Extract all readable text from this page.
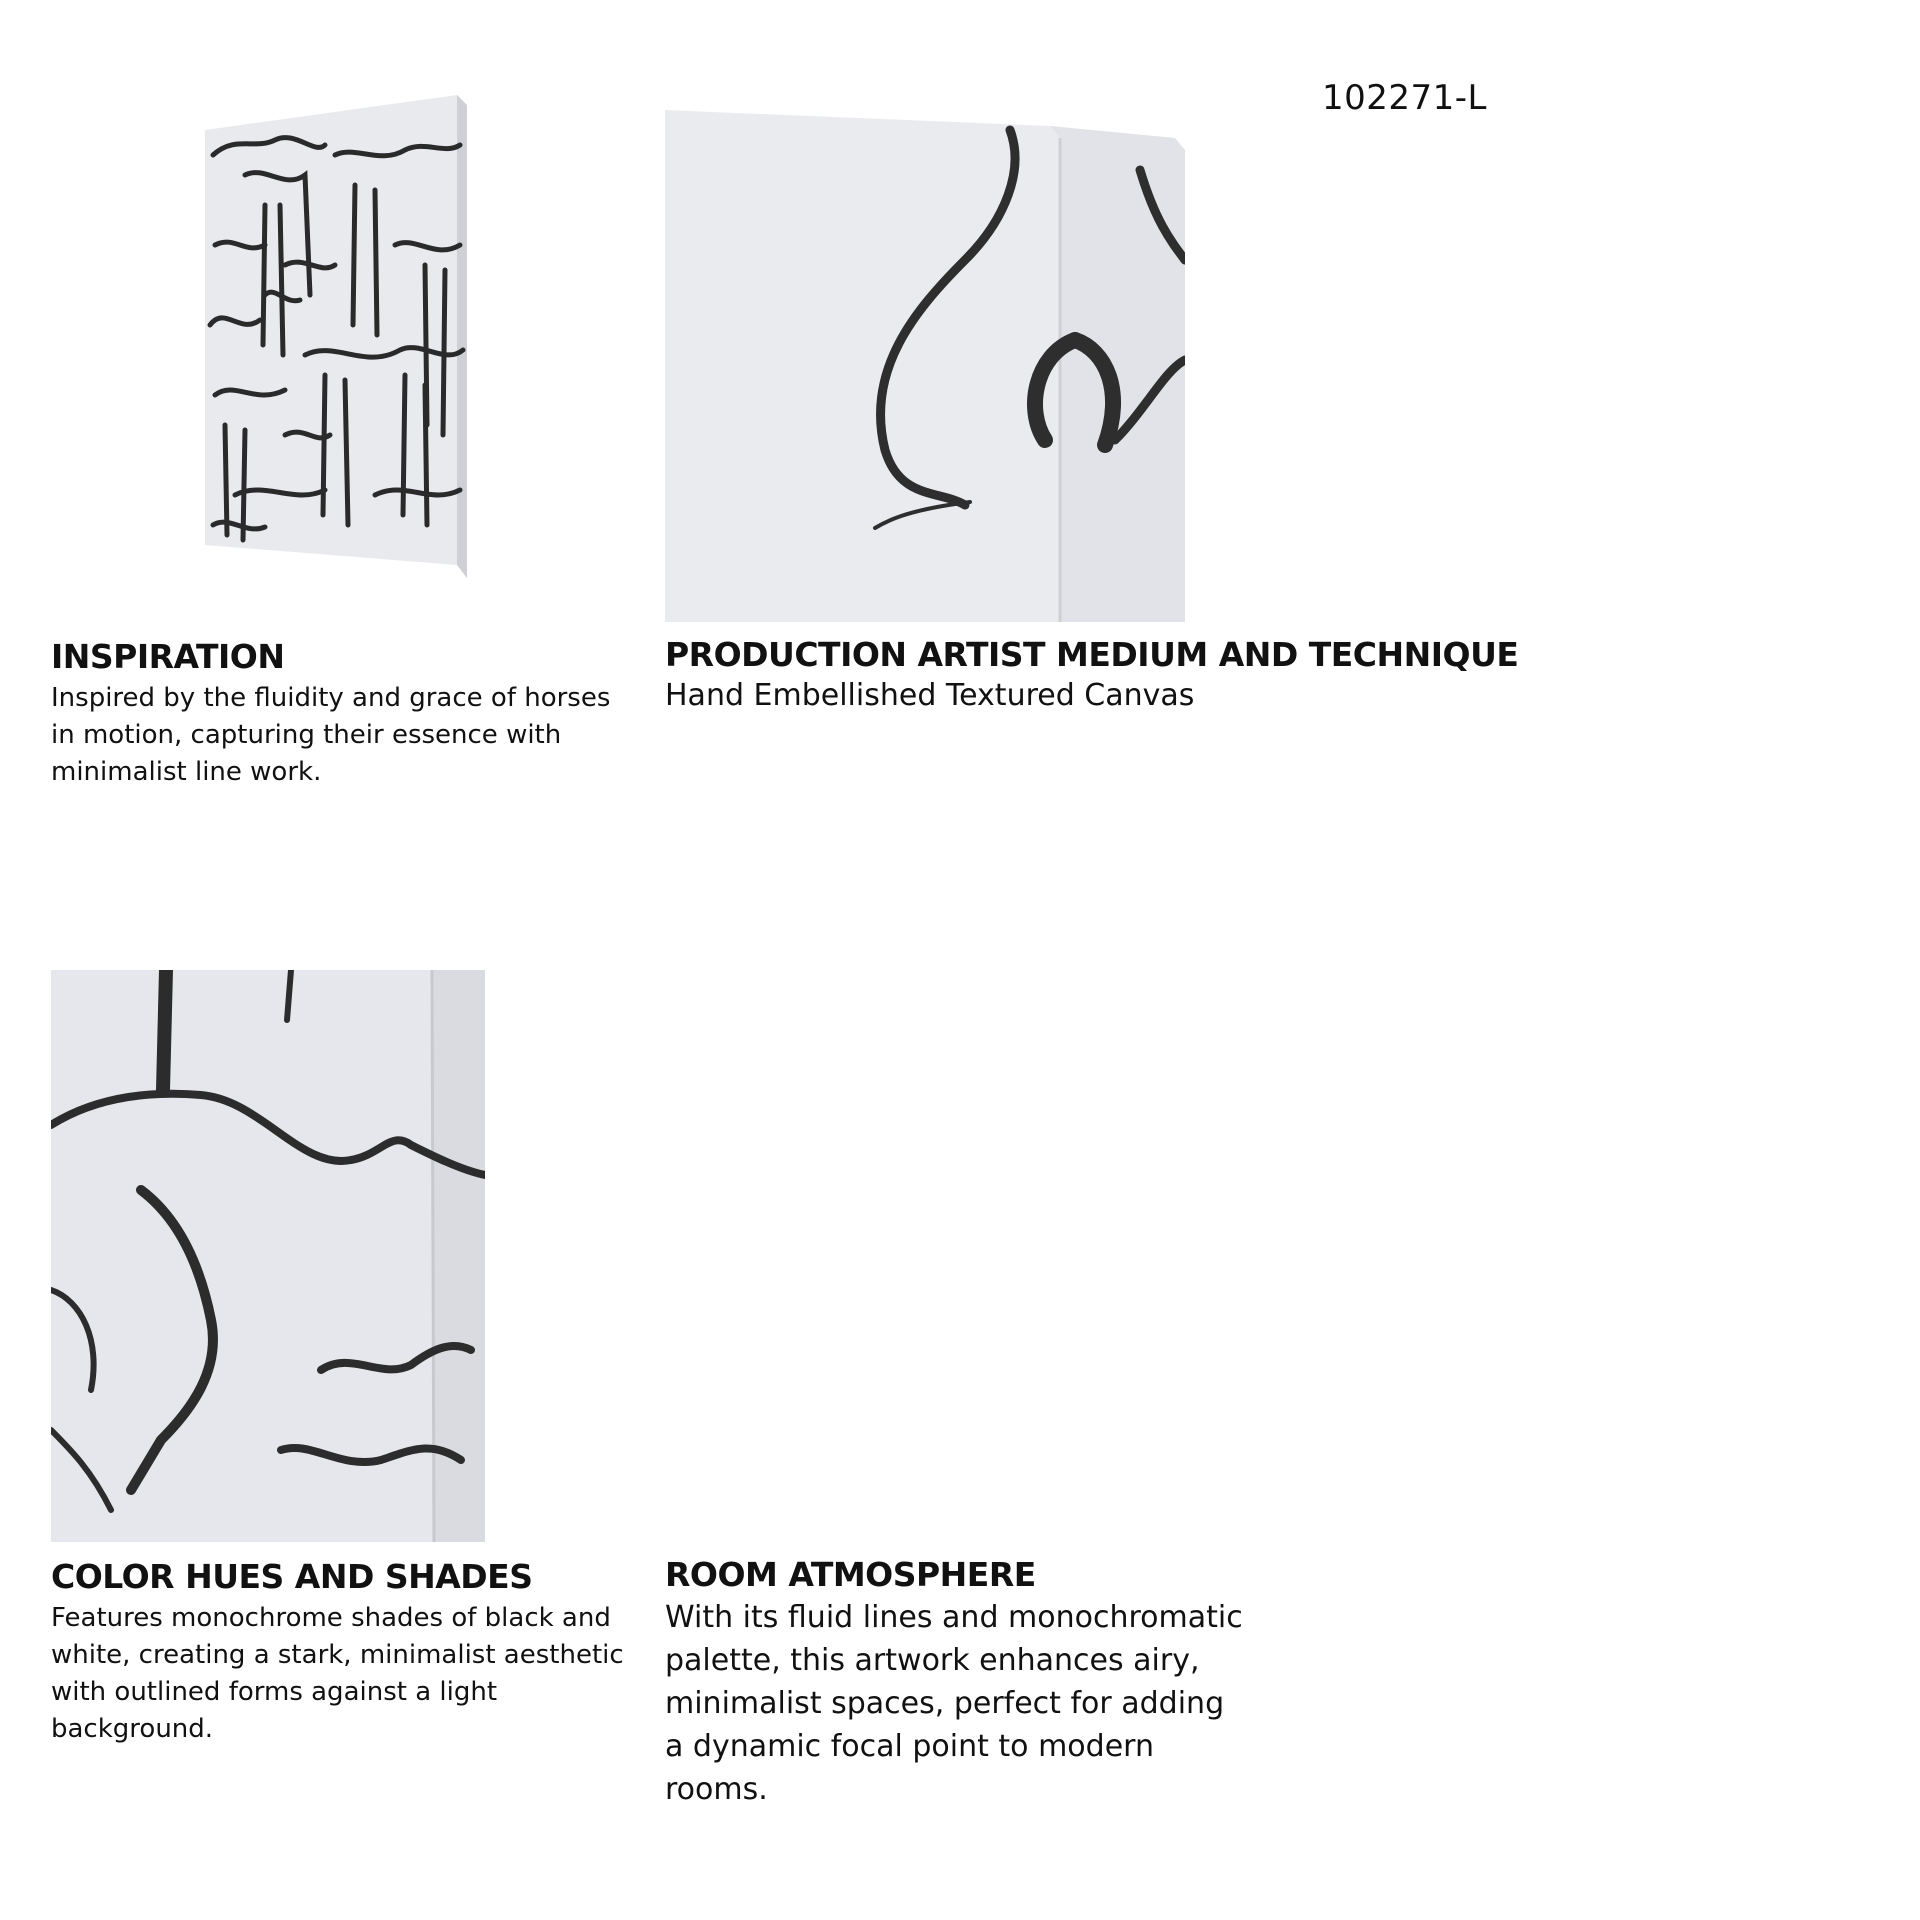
102271-L
INSPIRATION

Inspired by the fluidity and grace of horses in motion, capturing their essence with minimalist line work.

PRODUCTION ARTIST MEDIUM AND TECHNIQUE

Hand Embellished Textured Canvas

COLOR HUES AND SHADES

Features monochrome shades of black and white, creating a stark, minimalist aesthetic with outlined forms against a light background.

ROOM ATMOSPHERE

With its fluid lines and monochromatic palette, this artwork enhances airy, minimalist spaces, perfect for adding a dynamic focal point to modern rooms.
